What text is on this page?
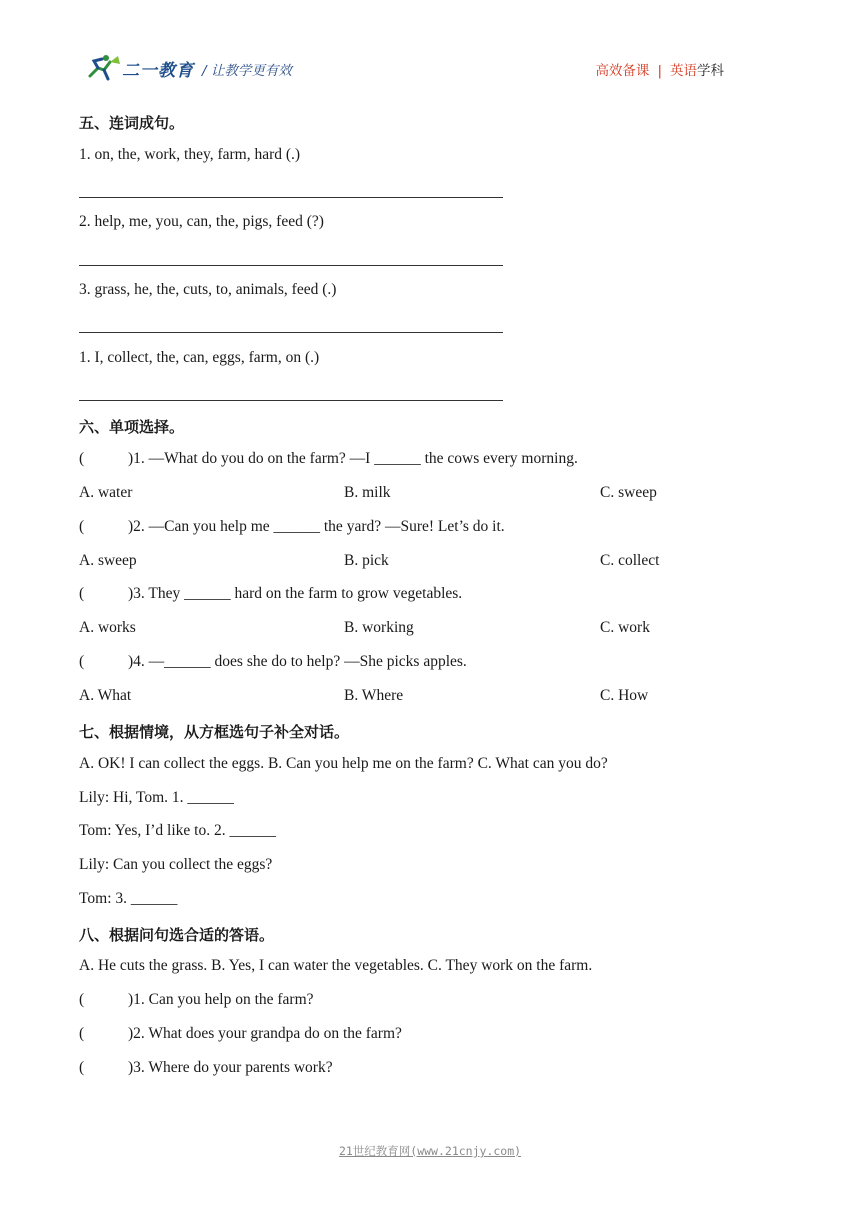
二一教育 / 让教学更有效	高效备课 | 英语学科
五、连词成句。
1. on, the, work, they, farm, hard (.)
2. help, me, you, can, the, pigs, feed (?)
3. grass, he, the, cuts, to, animals, feed (.)
1. I, collect, the, can, eggs, farm, on (.)
六、单项选择。
(	)1. —What do you do on the farm? —I ______ the cows every morning.
A. water	B. milk	C. sweep
(	)2. —Can you help me ______ the yard? —Sure! Let’s do it.
A. sweep	B. pick	C. collect
(	)3. They ______ hard on the farm to grow vegetables.
A. works	B. working	C. work
(	)4. —______ does she do to help? —She picks apples.
A. What	B. Where	C. How
七、根据情境，从方框选句子补全对话。
A. OK! I can collect the eggs. B. Can you help me on the farm? C. What can you do?
Lily: Hi, Tom. 1. ______
Tom: Yes, I’d like to. 2. ______
Lily: Can you collect the eggs?
Tom: 3. ______
八、根据问句选合适的答语。
A. He cuts the grass. B. Yes, I can water the vegetables. C. They work on the farm.
(	)1. Can you help on the farm?
(	)2. What does your grandpa do on the farm?
(	)3. Where do your parents work?
21世纪教育网(www.21cnjy.com)
